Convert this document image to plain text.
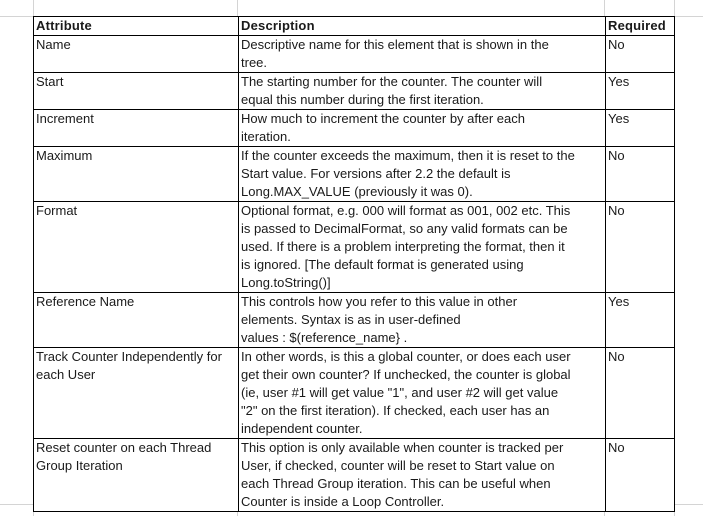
Attribute	Description	Required
Name	Descriptive name for this element that is shown in the
tree.	No
Start	The starting number for the counter. The counter will
equal this number during the first iteration.	Yes
Increment	How much to increment the counter by after each
iteration.	Yes
Maximum	If the counter exceeds the maximum, then it is reset to the
Start value. For versions after 2.2 the default is
Long.MAX_VALUE (previously it was 0).	No
Format	Optional format, e.g. 000 will format as 001, 002 etc. This
is passed to DecimalFormat, so any valid formats can be
used. If there is a problem interpreting the format, then it
is ignored. [The default format is generated using
Long.toString()]	No
Reference Name	This controls how you refer to this value in other
elements. Syntax is as in user-defined
values : $(reference_name} .	Yes
Track Counter Independently for each User	In other words, is this a global counter, or does each user
get their own counter? If unchecked, the counter is global
(ie, user #1 will get value "1", and user #2 will get value
"2" on the first iteration). If checked, each user has an
independent counter.	No
Reset counter on each Thread Group Iteration	This option is only available when counter is tracked per
User, if checked, counter will be reset to Start value on
each Thread Group iteration. This can be useful when
Counter is inside a Loop Controller.	No
